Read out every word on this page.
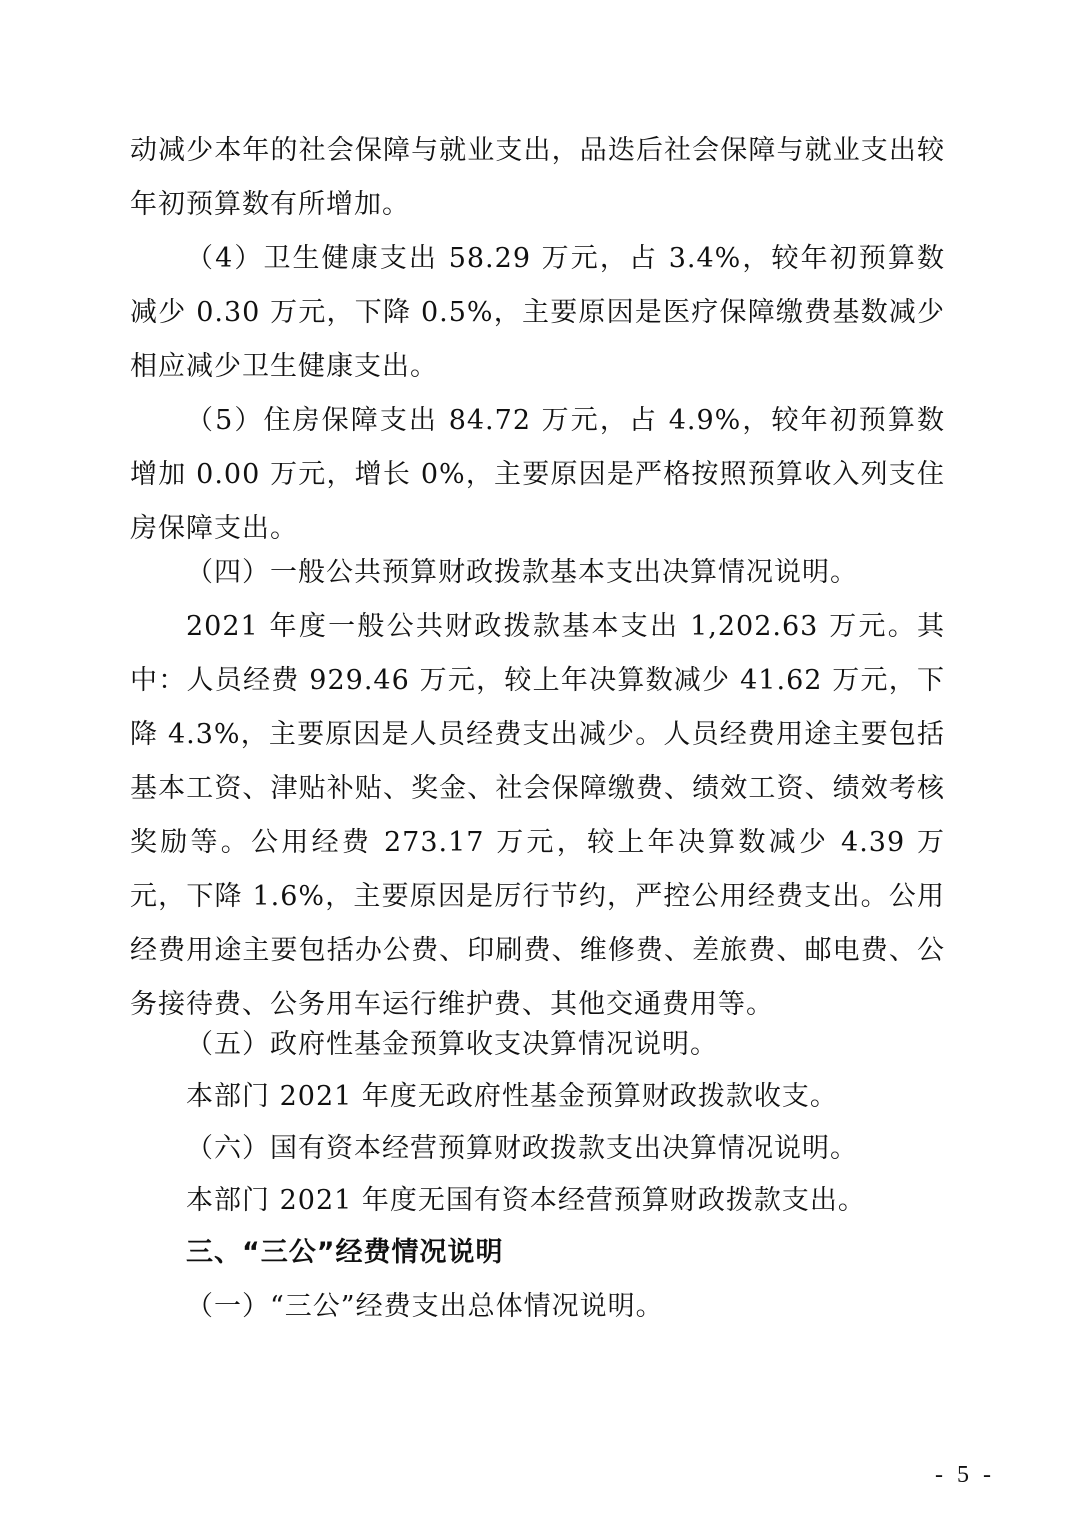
动减少本年的社会保障与就业支出，品迭后社会保障与就业支出较年初预算数有所增加。

（4）卫生健康支出 58.29 万元，占 3.4%，较年初预算数减少 0.30 万元，下降 0.5%，主要原因是医疗保障缴费基数减少相应减少卫生健康支出。

（5）住房保障支出 84.72 万元，占 4.9%，较年初预算数增加 0.00 万元，增长 0%，主要原因是严格按照预算收入列支住房保障支出。

（四）一般公共预算财政拨款基本支出决算情况说明。

2021 年度一般公共财政拨款基本支出 1,202.63 万元。其中：人员经费 929.46 万元，较上年决算数减少 41.62 万元，下降 4.3%，主要原因是人员经费支出减少。人员经费用途主要包括基本工资、津贴补贴、奖金、社会保障缴费、绩效工资、绩效考核奖励等。公用经费 273.17 万元，较上年决算数减少 4.39 万元，下降 1.6%，主要原因是厉行节约，严控公用经费支出。公用经费用途主要包括办公费、印刷费、维修费、差旅费、邮电费、公务接待费、公务用车运行维护费、其他交通费用等。

（五）政府性基金预算收支决算情况说明。

本部门 2021 年度无政府性基金预算财政拨款收支。

（六）国有资本经营预算财政拨款支出决算情况说明。

本部门 2021 年度无国有资本经营预算财政拨款支出。

三、“三公”经费情况说明

（一）“三公”经费支出总体情况说明。

- 5 -
